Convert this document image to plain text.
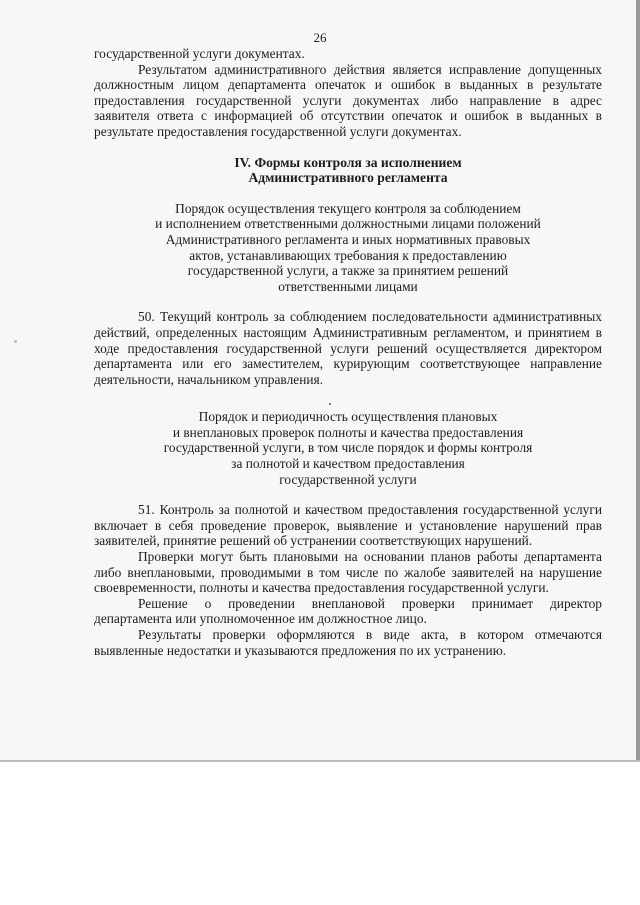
26

государственной услуги документах.

Результатом административного действия является исправление допущенных должностным лицом департамента опечаток и ошибок в выданных в результате предоставления государственной услуги документах либо направление в адрес заявителя ответа с информацией об отсутствии опечаток и ошибок в выданных в результате предоставления государственной услуги документах.

IV. Формы контроля за исполнением
Административного регламента
Порядок осуществления текущего контроля за соблюдением
и исполнением ответственными должностными лицами положений
Административного регламента и иных нормативных правовых
актов, устанавливающих требования к предоставлению
государственной услуги, а также за принятием решений
ответственными лицами

50. Текущий контроль за соблюдением последовательности административных действий, определенных настоящим Административным регламентом, и принятием в ходе предоставления государственной услуги решений осуществляется директором департамента или его заместителем, курирующим соответствующее направление деятельности, начальником управления.

Порядок и периодичность осуществления плановых
и внеплановых проверок полноты и качества предоставления
государственной услуги, в том числе порядок и формы контроля
за полнотой и качеством предоставления
государственной услуги

51. Контроль за полнотой и качеством предоставления государственной услуги включает в себя проведение проверок, выявление и установление нарушений прав заявителей, принятие решений об устранении соответствующих нарушений.

Проверки могут быть плановыми на основании планов работы департамента либо внеплановыми, проводимыми в том числе по жалобе заявителей на нарушение своевременности, полноты и качества предоставления государственной услуги.

Решение о проведении внеплановой проверки принимает директор департамента или уполномоченное им должностное лицо.

Результаты проверки оформляются в виде акта, в котором отмечаются выявленные недостатки и указываются предложения по их устранению.
